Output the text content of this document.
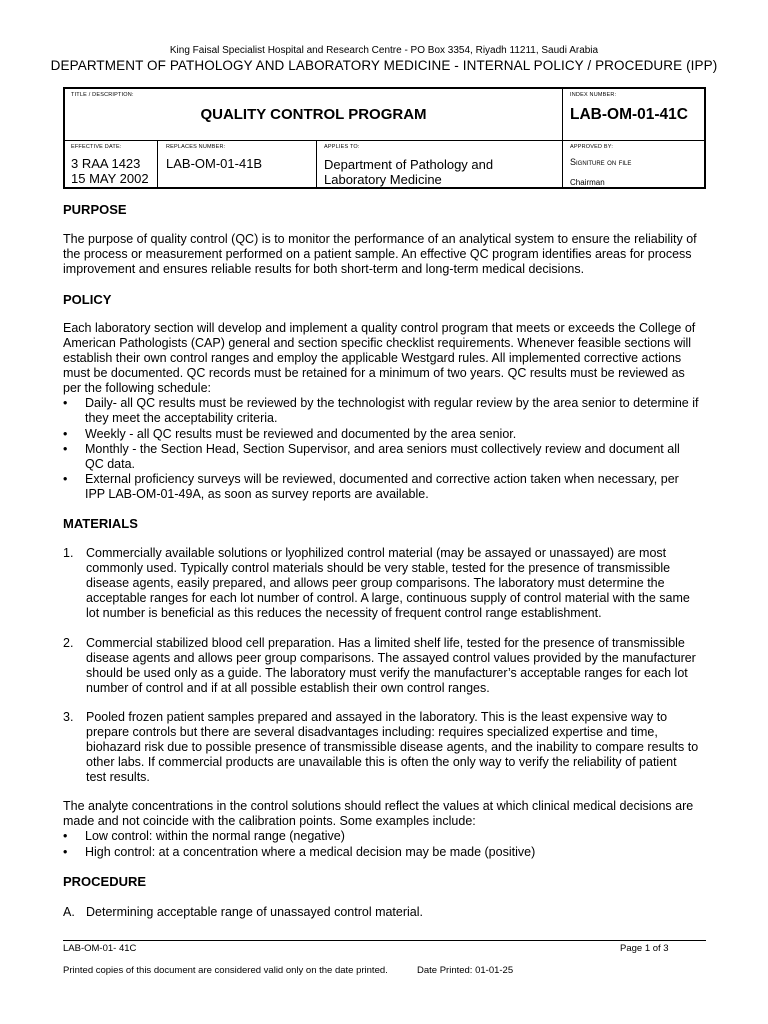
King Faisal Specialist Hospital and Research Centre - PO Box 3354, Riyadh 11211, Saudi Arabia
DEPARTMENT OF PATHOLOGY AND LABORATORY MEDICINE - INTERNAL POLICY / PROCEDURE (IPP)
TITLE / DESCRIPTION:
QUALITY CONTROL PROGRAM
INDEX NUMBER:
LAB-OM-01-41C
EFFECTIVE DATE:
3 RAA 1423
15 MAY 2002
REPLACES NUMBER:
LAB-OM-01-41B
APPLIES TO:
Department of Pathology and
Laboratory Medicine
APPROVED BY:
Signiture on file
Chairman
PURPOSE
The purpose of quality control (QC) is to monitor the performance of an analytical system to ensure the reliability of
the process or measurement performed on a patient sample. An effective QC program identifies areas for process
improvement and ensures reliable results for both short-term and long-term medical decisions.
POLICY
Each laboratory section will develop and implement a quality control program that meets or exceeds the College of
American Pathologists (CAP) general and section specific checklist requirements. Whenever feasible sections will
establish their own control ranges and employ the applicable Westgard rules. All implemented corrective actions
must be documented. QC records must be retained for a minimum of two years. QC results must be reviewed as
per the following schedule:
•	Daily- all QC results must be reviewed by the technologist with regular review by the area senior to determine if
they meet the acceptability criteria.
•	Weekly - all QC results must be reviewed and documented by the area senior.
•	Monthly - the Section Head, Section Supervisor, and area seniors must collectively review and document all
QC data.
•	External proficiency surveys will be reviewed, documented and corrective action taken when necessary, per
IPP LAB-OM-01-49A, as soon as survey reports are available.
MATERIALS
1.	Commercially available solutions or lyophilized control material (may be assayed or unassayed) are most
commonly used. Typically control materials should be very stable, tested for the presence of transmissible
disease agents, easily prepared, and allows peer group comparisons. The laboratory must determine the
acceptable ranges for each lot number of control. A large, continuous supply of control material with the same
lot number is beneficial as this reduces the necessity of frequent control range establishment.
2.	Commercial stabilized blood cell preparation. Has a limited shelf life, tested for the presence of transmissible
disease agents and allows peer group comparisons. The assayed control values provided by the manufacturer
should be used only as a guide. The laboratory must verify the manufacturer’s acceptable ranges for each lot
number of control and if at all possible establish their own control ranges.
3.	Pooled frozen patient samples prepared and assayed in the laboratory. This is the least expensive way to
prepare controls but there are several disadvantages including: requires specialized expertise and time,
biohazard risk due to possible presence of transmissible disease agents, and the inability to compare results to
other labs. If commercial products are unavailable this is often the only way to verify the reliability of patient
test results.
The analyte concentrations in the control solutions should reflect the values at which clinical medical decisions are
made and not coincide with the calibration points. Some examples include:
•	Low control: within the normal range (negative)
•	High control: at a concentration where a medical decision may be made (positive)
PROCEDURE
A. Determining acceptable range of unassayed control material.
LAB-OM-01- 41C	Page 1 of 3
Printed copies of this document are considered valid only on the date printed.	Date Printed: 01-01-25
